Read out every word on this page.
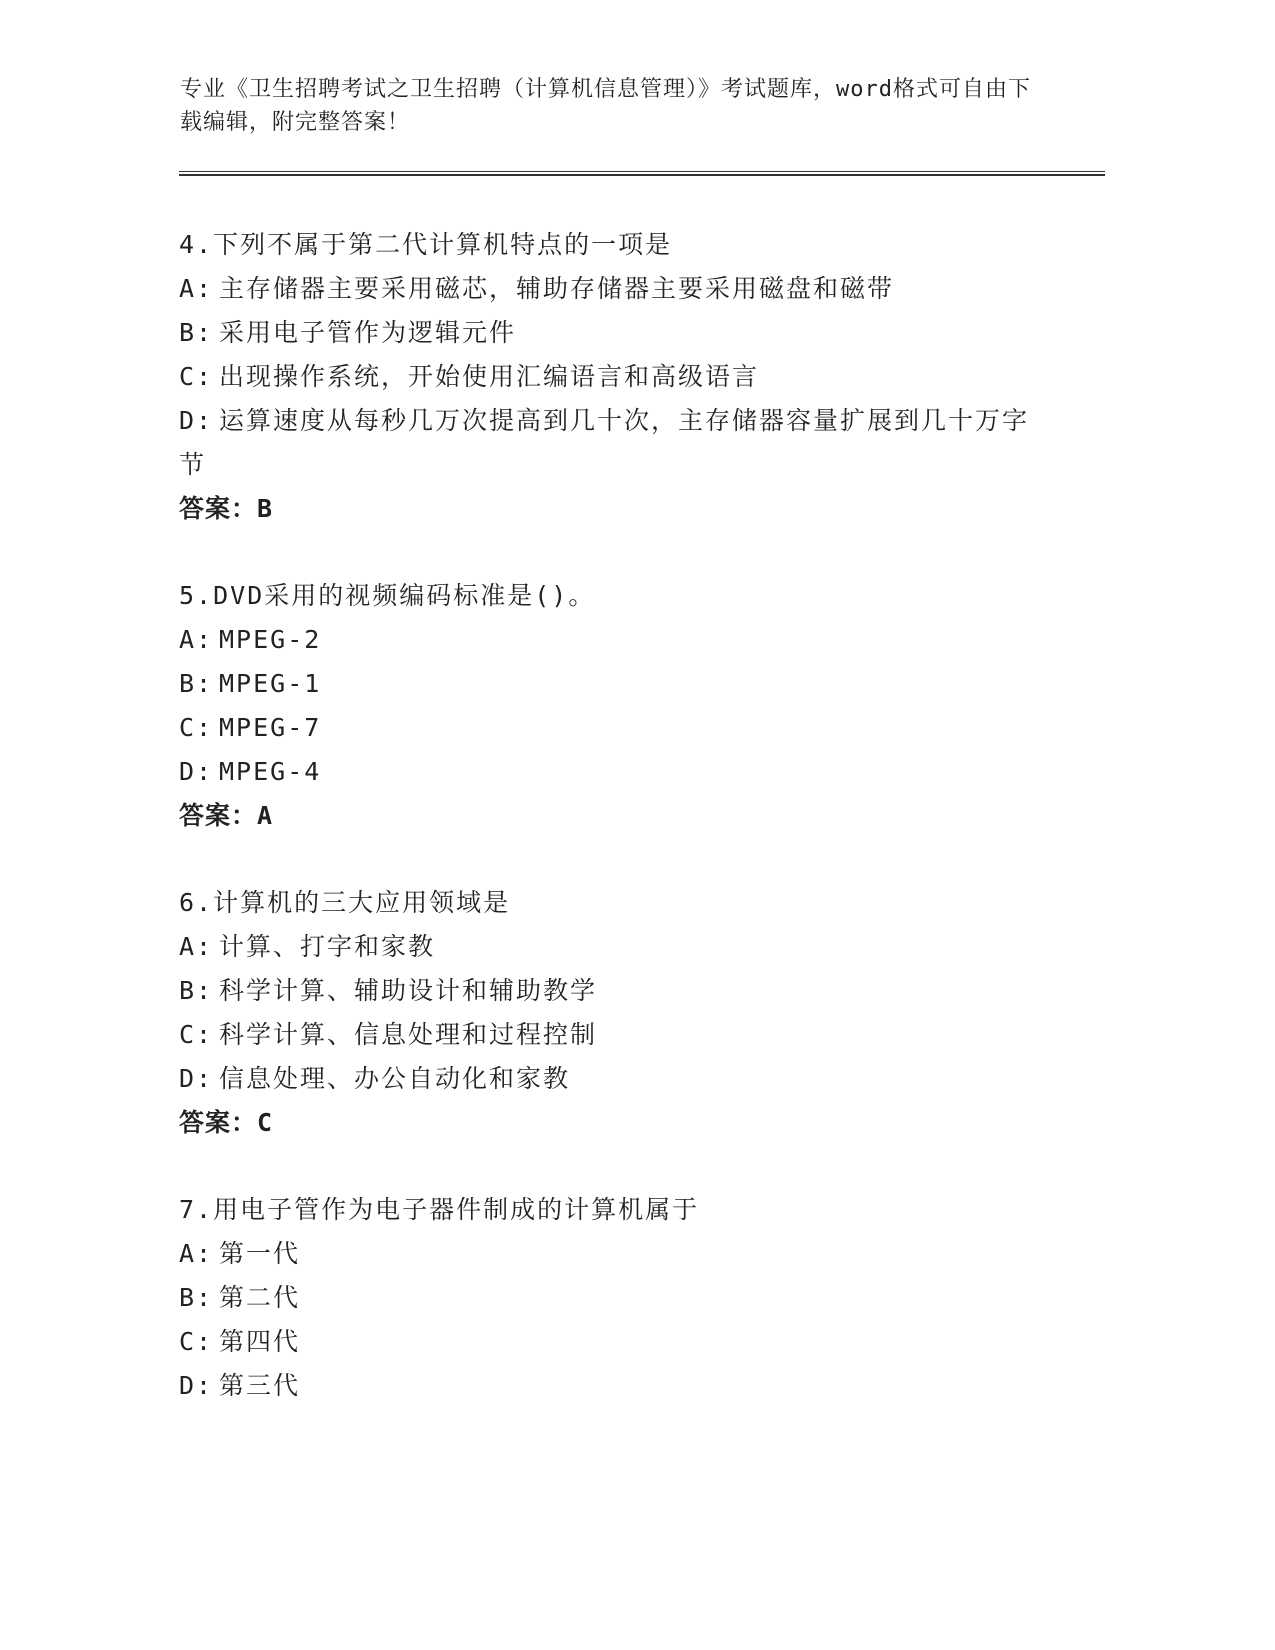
专业《卫生招聘考试之卫生招聘（计算机信息管理）》考试题库，word格式可自由下载编辑，附完整答案！
4.下列不属于第二代计算机特点的一项是
A: 主存储器主要采用磁芯，辅助存储器主要采用磁盘和磁带
B: 采用电子管作为逻辑元件
C: 出现操作系统，开始使用汇编语言和高级语言
D: 运算速度从每秒几万次提高到几十次，主存储器容量扩展到几十万字节
答案：B
5.DVD采用的视频编码标准是()。
A: MPEG-2
B: MPEG-1
C: MPEG-7
D: MPEG-4
答案：A
6.计算机的三大应用领域是
A: 计算、打字和家教
B: 科学计算、辅助设计和辅助教学
C: 科学计算、信息处理和过程控制
D: 信息处理、办公自动化和家教
答案：C
7.用电子管作为电子器件制成的计算机属于
A: 第一代
B: 第二代
C: 第四代
D: 第三代
